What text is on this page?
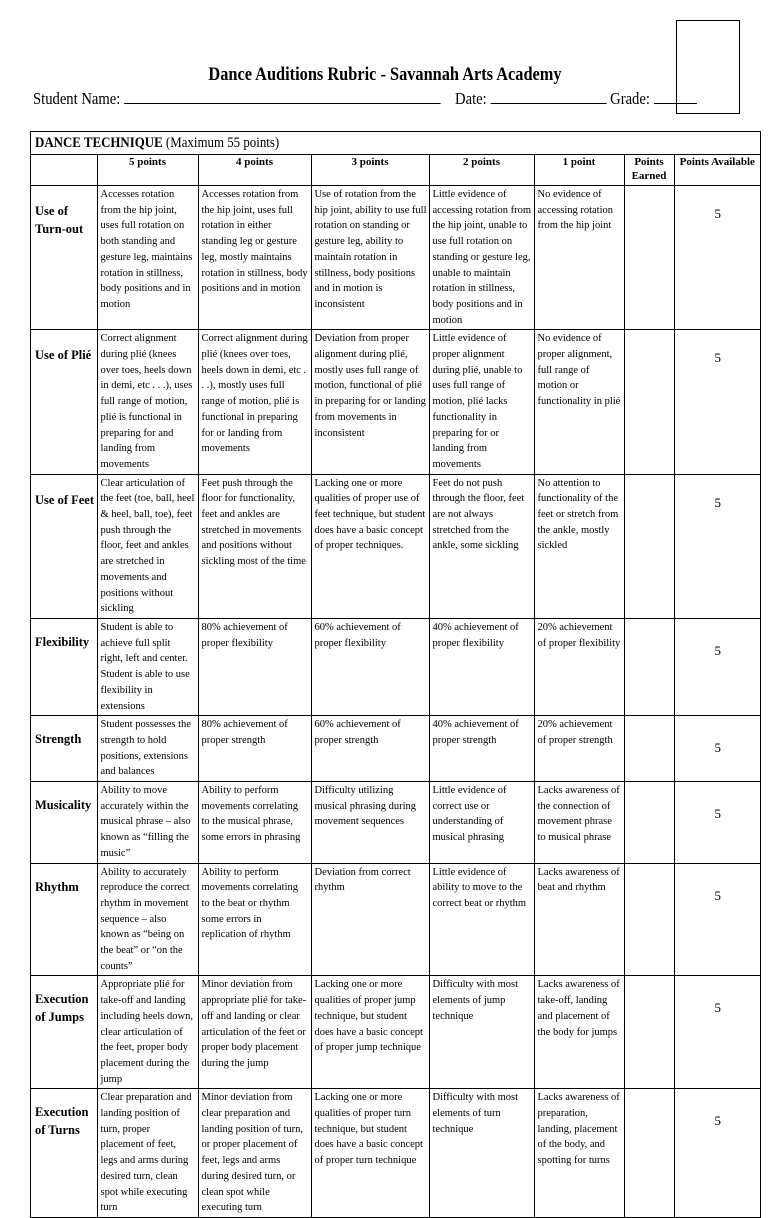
Dance Auditions Rubric - Savannah Arts Academy
Student Name:	Date:	Grade:
DANCE TECHNIQUE (Maximum 55 points)
	5 points	4 points	3 points	2 points	1 point	Points Earned	Points Available
Use of Turn-out	Accesses rotation from the hip joint, uses full rotation on both standing and gesture leg, maintains rotation in stillness, body positions and in motion	Accesses rotation from the hip joint, uses full rotation in either standing leg or gesture leg, mostly maintains rotation in stillness, body positions and in motion	Use of rotation from the hip joint, ability to use full rotation on standing or gesture leg, ability to maintain rotation in stillness, body positions and in motion is inconsistent	Little evidence of accessing rotation from the hip joint, unable to use full rotation on standing or gesture leg, unable to maintain rotation in stillness, body positions and in motion	No evidence of accessing rotation from the hip joint		5
Use of Plié	Correct alignment during plié (knees over toes, heels down in demi, etc . . .), uses full range of motion, plié is functional in preparing for and landing from movements	Correct alignment during plié (knees over toes, heels down in demi, etc . . .), mostly uses full range of motion, plié is functional in preparing for or landing from movements	Deviation from proper alignment during plié, mostly uses full range of motion, functional of plié in preparing for or landing from movements in inconsistent	Little evidence of proper alignment during plié, unable to uses full range of motion, plié lacks functionality in preparing for or landing from movements	No evidence of proper alignment, full range of motion or functionality in plié		5
Use of Feet	Clear articulation of the feet (toe, ball, heel & heel, ball, toe), feet push through the floor, feet and ankles are stretched in movements and positions without sickling	Feet push through the floor for functionality, feet and ankles are stretched in movements and positions without sickling most of the time	Lacking one or more qualities of proper use of feet technique, but student does have a basic concept of proper techniques.	Feet do not push through the floor, feet are not always stretched from the ankle, some sickling	No attention to functionality of the feet or stretch from the ankle, mostly sickled		5
Flexibility	Student is able to achieve full split right, left and center. Student is able to use flexibility in extensions	80% achievement of proper flexibility	60% achievement of proper flexibility	40% achievement of proper flexibility	20% achievement of proper flexibility		5
Strength	Student possesses the strength to hold positions, extensions and balances	80% achievement of proper strength	60% achievement of proper strength	40% achievement of proper strength	20% achievement of proper strength		5
Musicality	Ability to move accurately within the musical phrase – also known as “filling the music”	Ability to perform movements correlating to the musical phrase, some errors in phrasing	Difficulty utilizing musical phrasing during movement sequences	Little evidence of correct use or understanding of musical phrasing	Lacks awareness of the connection of movement phrase to musical phrase		5
Rhythm	Ability to accurately reproduce the correct rhythm in movement sequence – also known as “being on the beat” or “on the counts”	Ability to perform movements correlating to the beat or rhythm some errors in replication of rhythm	Deviation from correct rhythm	Little evidence of ability to move to the correct beat or rhythm	Lacks awareness of beat and rhythm		5
Execution of Jumps	Appropriate plié for take-off and landing including heels down, clear articulation of the feet, proper body placement during the jump	Minor deviation from appropriate plié for take-off and landing or clear articulation of the feet or proper body placement during the jump	Lacking one or more qualities of proper jump technique, but student does have a basic concept of proper jump technique	Difficulty with most elements of jump technique	Lacks awareness of take-off, landing and placement of the body for jumps		5
Execution of Turns	Clear preparation and landing position of turn, proper placement of feet, legs and arms during desired turn, clean spot while executing turn	Minor deviation from clear preparation and landing position of turn, or proper placement of feet, legs and arms during desired turn, or clean spot while executing turn	Lacking one or more qualities of proper turn technique, but student does have a basic concept of proper turn technique	Difficulty with most elements of turn technique	Lacks awareness of preparation, landing, placement of the body, and spotting for turns		5
